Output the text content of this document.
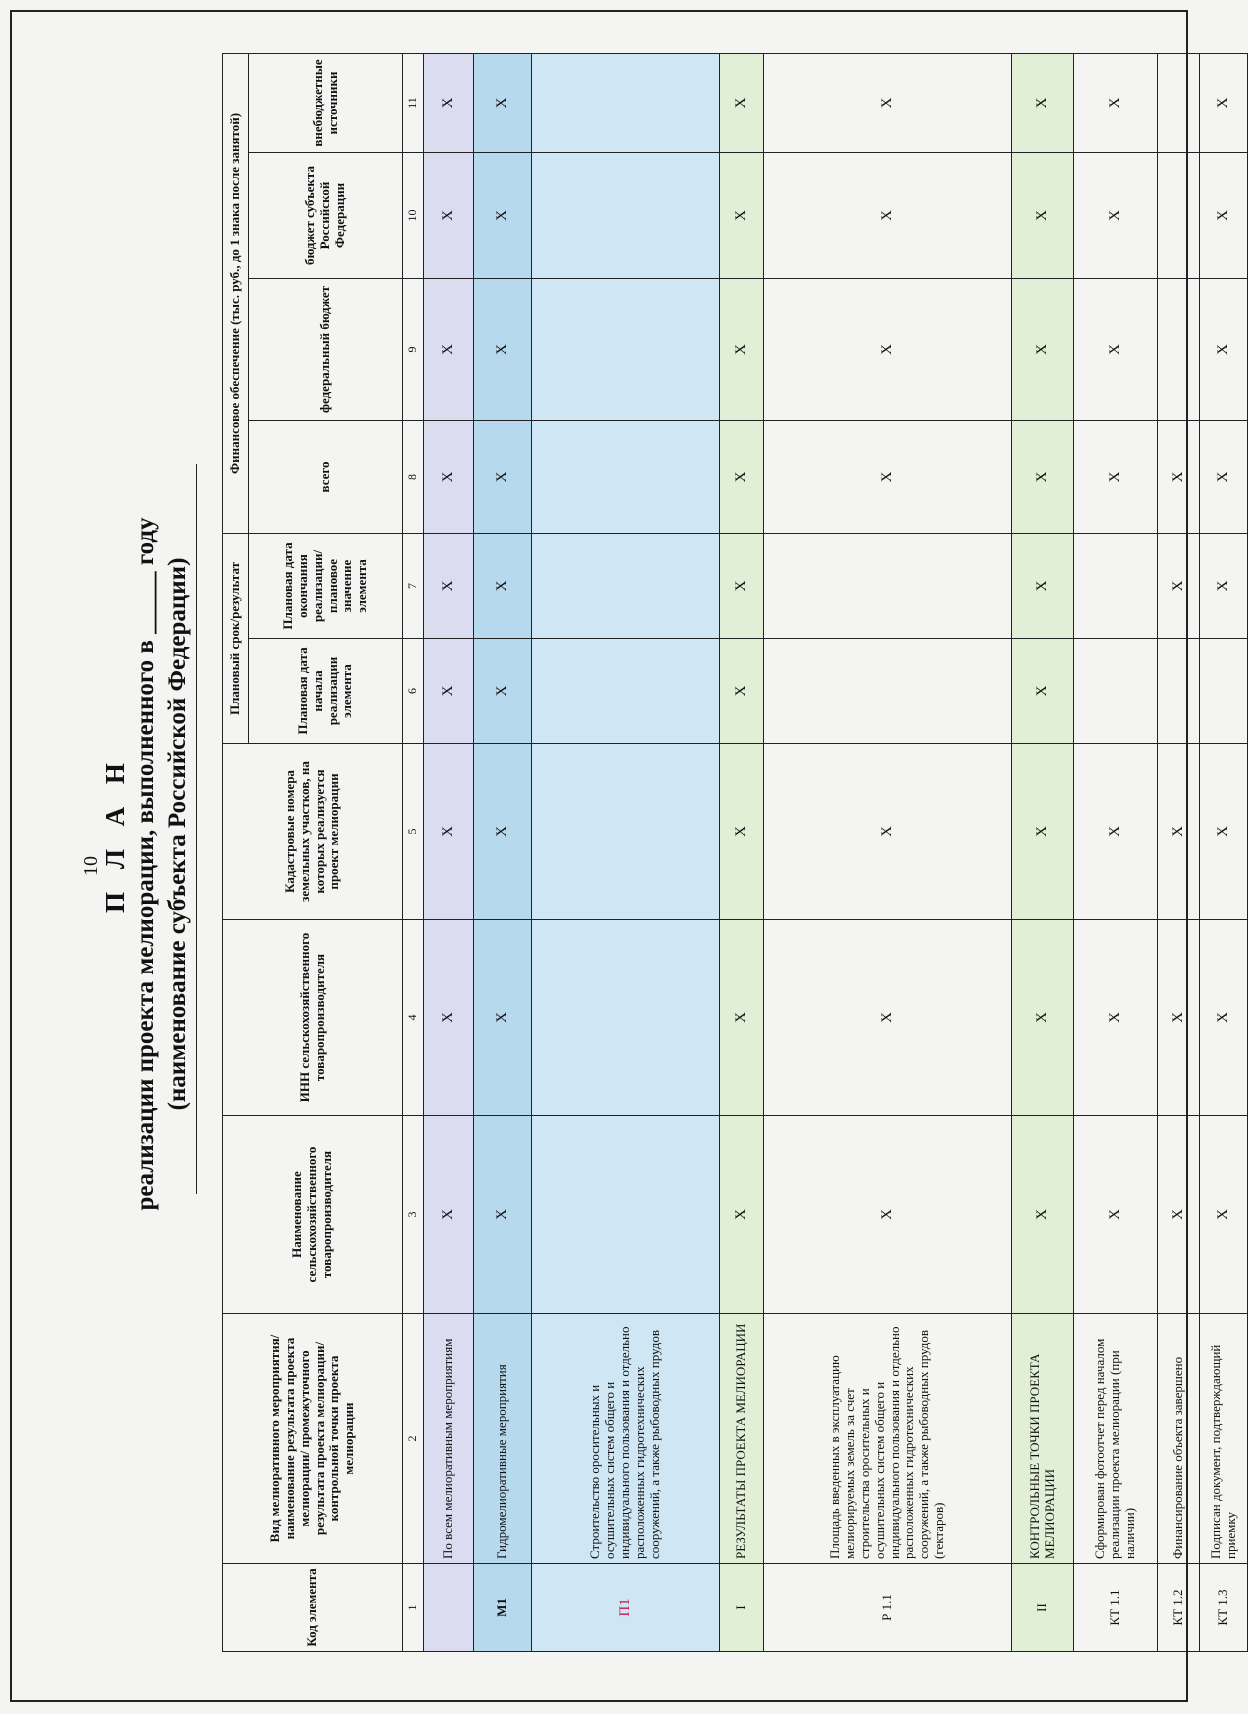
10
П Л А Н реализации проекта мелиорации, выполненного в _____ году (наименование субъекта Российской Федерации)
Код элемента	Вид мелиоративного мероприятия/ наименование результата проекта мелиорации/ промежуточного результата проекта мелиорации/контрольной точки проекта мелиорации	Наименование сельскохозяйственного товаропроизводителя	ИНН сельскохозяйственного товаропроизводителя	Кадастровые номера земельных участков, на которых реализуется проект мелиорации	Плановый срок/результат		Финансовое обеспечение (тыс. руб., до 1 знака после занятой)			
					Плановая дата начала реализации элемента	Плановая дата окончания реализации/ плановое значение элемента	всего	федеральный бюджет	бюджет субъекта Российской Федерации	внебюджетные источники
1	2	3	4	5	6	7	8	9	10	11
	По всем мелиоративным мероприятиям	Х	Х	Х	Х	Х	Х	Х	Х	Х
М1	Гидромелиоративные мероприятия	Х	Х	Х	Х	Х	Х	Х	Х	Х
П1	Строительство оросительных и осушительных систем общего и индивидуального пользования и отдельно расположенных гидротехнических сооружений, а также рыбоводных прудов									
I	РЕЗУЛЬТАТЫ ПРОЕКТА МЕЛИОРАЦИИ	Х	Х	Х	Х	Х	Х	Х	Х	Х
Р 1.1	Площадь введенных в эксплуатацию мелиорируемых земель за счет строительства оросительных и осушительных систем общего и индивидуального пользования и отдельно расположенных гидротехнических сооружений, а также рыбоводных прудов (гектаров)	Х	Х	Х			Х	Х	Х	Х
II	КОНТРОЛЬНЫЕ ТОЧКИ ПРОЕКТА МЕЛИОРАЦИИ	Х	Х	Х	Х	Х	Х	Х	Х	Х
КТ 1.1	Сформирован фотоотчет перед началом реализации проекта мелиорации (при наличии)	Х	Х	Х			Х	Х	Х	Х
КТ 1.2	Финансирование объекта завершено	Х	Х	Х		Х	Х			
КТ 1.3	Подписан документ, подтверждающий приемку	Х	Х	Х		Х	Х	Х	Х	Х
